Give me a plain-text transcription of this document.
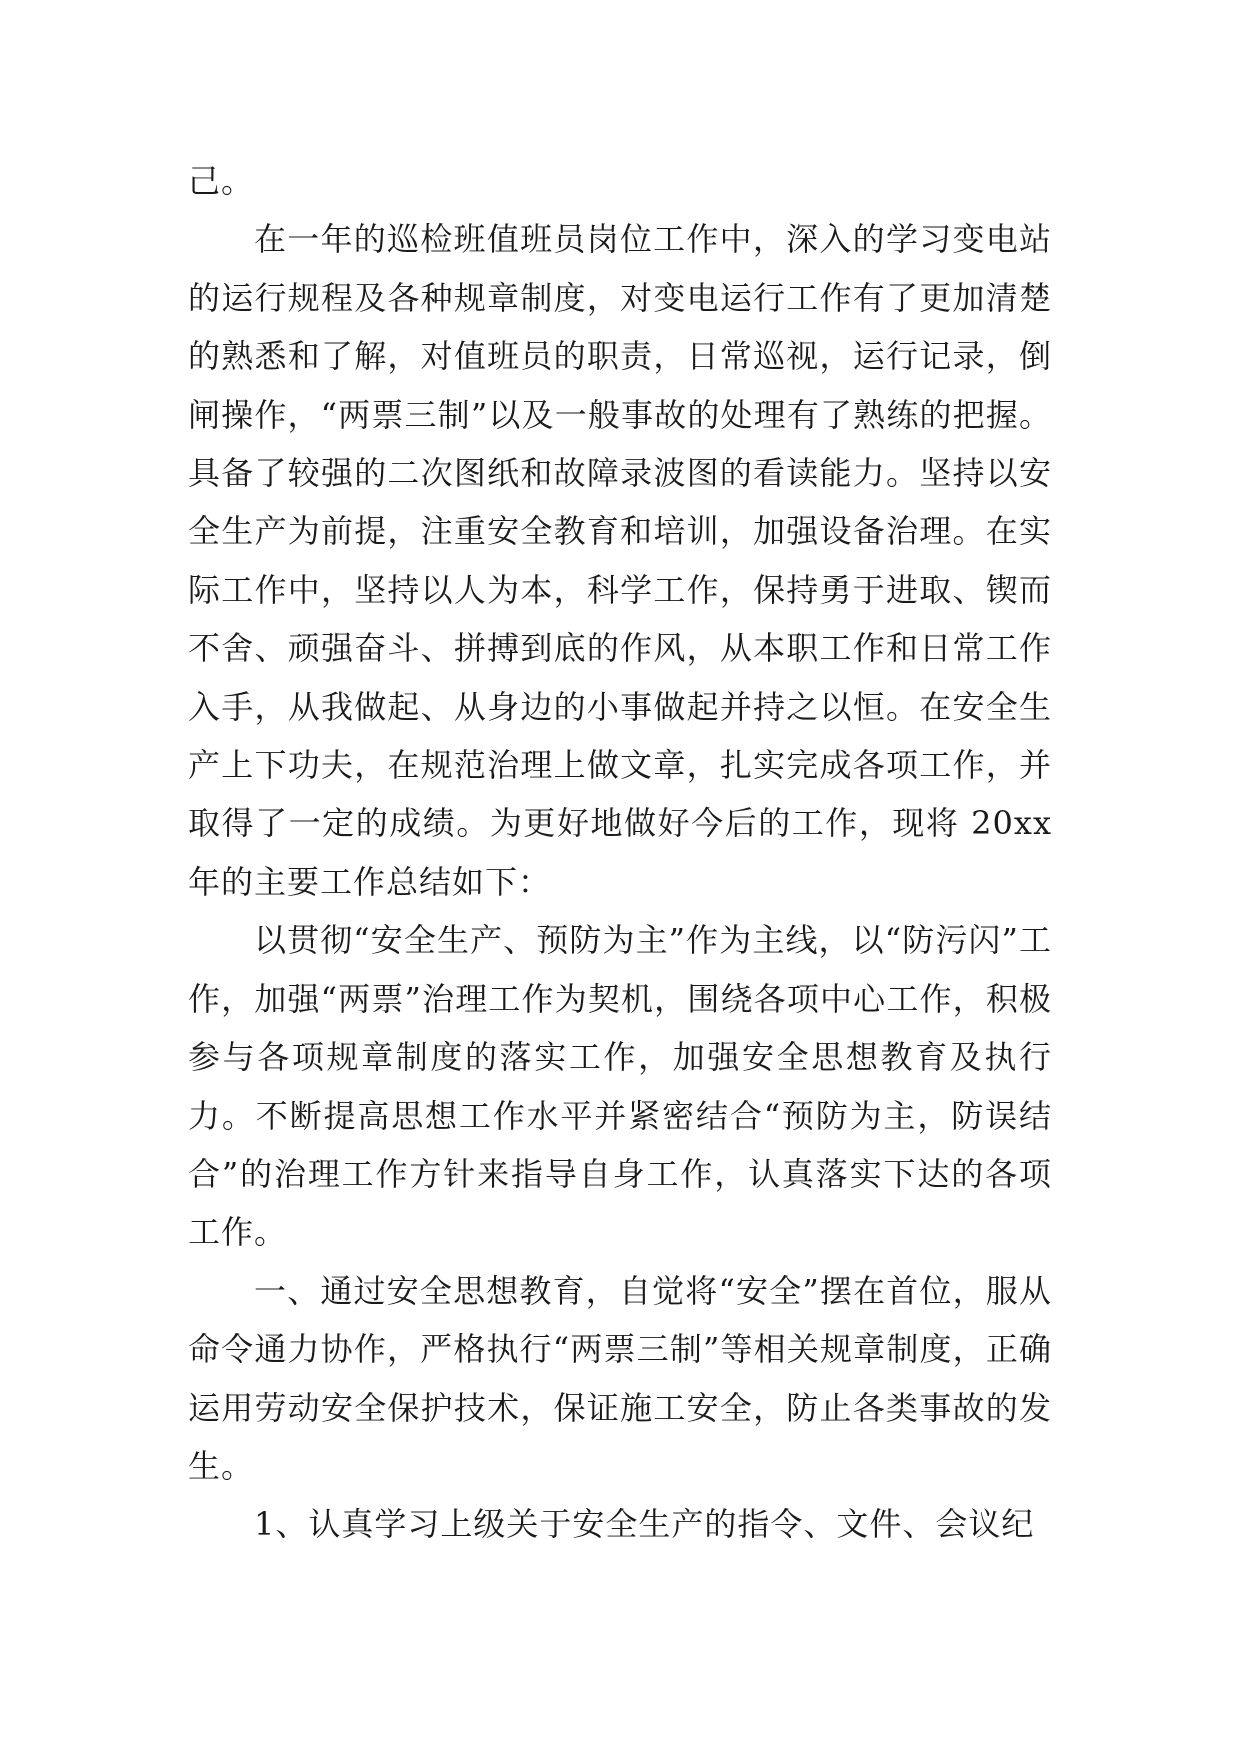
己。

在一年的巡检班值班员岗位工作中，深入的学习变电站的运行规程及各种规章制度，对变电运行工作有了更加清楚的熟悉和了解，对值班员的职责，日常巡视，运行记录，倒闸操作，“两票三制”以及一般事故的处理有了熟练的把握。具备了较强的二次图纸和故障录波图的看读能力。坚持以安全生产为前提，注重安全教育和培训，加强设备治理。在实际工作中，坚持以人为本，科学工作，保持勇于进取、锲而不舍、顽强奋斗、拼搏到底的作风，从本职工作和日常工作入手，从我做起、从身边的小事做起并持之以恒。在安全生产上下功夫，在规范治理上做文章，扎实完成各项工作，并取得了一定的成绩。为更好地做好今后的工作，现将 20xx 年的主要工作总结如下：

以贯彻“安全生产、预防为主”作为主线，以“防污闪”工作，加强“两票”治理工作为契机，围绕各项中心工作，积极参与各项规章制度的落实工作，加强安全思想教育及执行力。不断提高思想工作水平并紧密结合“预防为主，防误结合”的治理工作方针来指导自身工作，认真落实下达的各项工作。

一、通过安全思想教育，自觉将“安全”摆在首位，服从命令通力协作，严格执行“两票三制”等相关规章制度，正确运用劳动安全保护技术，保证施工安全，防止各类事故的发生。

1、认真学习上级关于安全生产的指令、文件、会议纪
